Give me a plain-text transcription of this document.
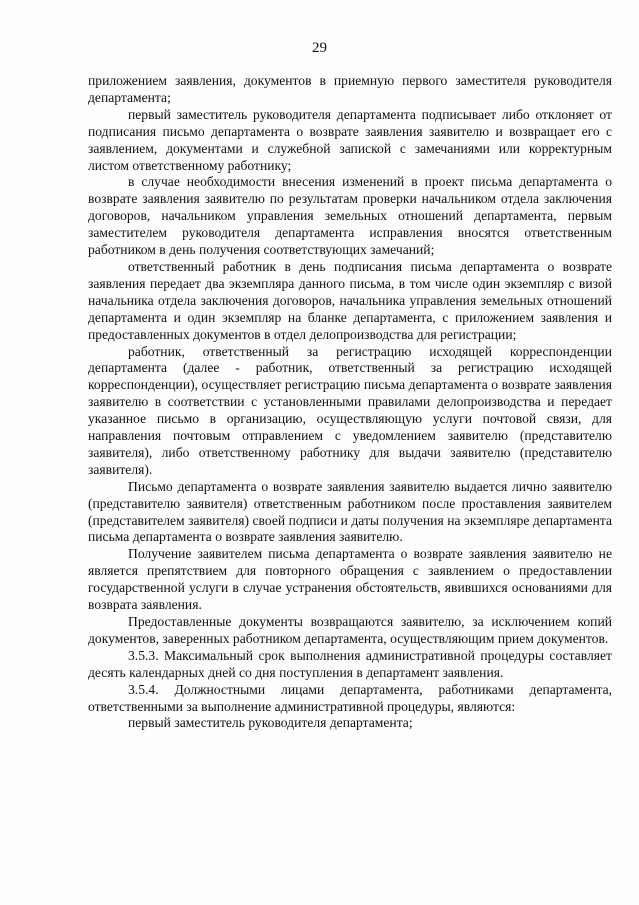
29

приложением заявления, документов в приемную первого заместителя руководителя департамента;

первый заместитель руководителя департамента подписывает либо отклоняет от подписания письмо департамента о возврате заявления заявителю и возвращает его с заявлением, документами и служебной запиской с замечаниями или корректурным листом ответственному работнику;

в случае необходимости внесения изменений в проект письма департамента о возврате заявления заявителю по результатам проверки начальником отдела заключения договоров, начальником управления земельных отношений департамента, первым заместителем руководителя департамента исправления вносятся ответственным работником в день получения соответствующих замечаний;

ответственный работник в день подписания письма департамента о возврате заявления передает два экземпляра данного письма, в том числе один экземпляр с визой начальника отдела заключения договоров, начальника управления земельных отношений департамента и один экземпляр на бланке департамента, с приложением заявления и предоставленных документов в отдел делопроизводства для регистрации;

работник, ответственный за регистрацию исходящей корреспонденции департамента (далее - работник, ответственный за регистрацию исходящей корреспонденции), осуществляет регистрацию письма департамента о возврате заявления заявителю в соответствии с установленными правилами делопроизводства и передает указанное письмо в организацию, осуществляющую услуги почтовой связи, для направления почтовым отправлением с уведомлением заявителю (представителю заявителя), либо ответственному работнику для выдачи заявителю (представителю заявителя).

Письмо департамента о возврате заявления заявителю выдается лично заявителю (представителю заявителя) ответственным работником после проставления заявителем (представителем заявителя) своей подписи и даты получения на экземпляре департамента письма департамента о возврате заявления заявителю.

Получение заявителем письма департамента о возврате заявления заявителю не является препятствием для повторного обращения с заявлением о предоставлении государственной услуги в случае устранения обстоятельств, явившихся основаниями для возврата заявления.

Предоставленные документы возвращаются заявителю, за исключением копий документов, заверенных работником департамента, осуществляющим прием документов.

3.5.3. Максимальный срок выполнения административной процедуры составляет десять календарных дней со дня поступления в департамент заявления.

3.5.4. Должностными лицами департамента, работниками департамента, ответственными за выполнение административной процедуры, являются:

первый заместитель руководителя департамента;
